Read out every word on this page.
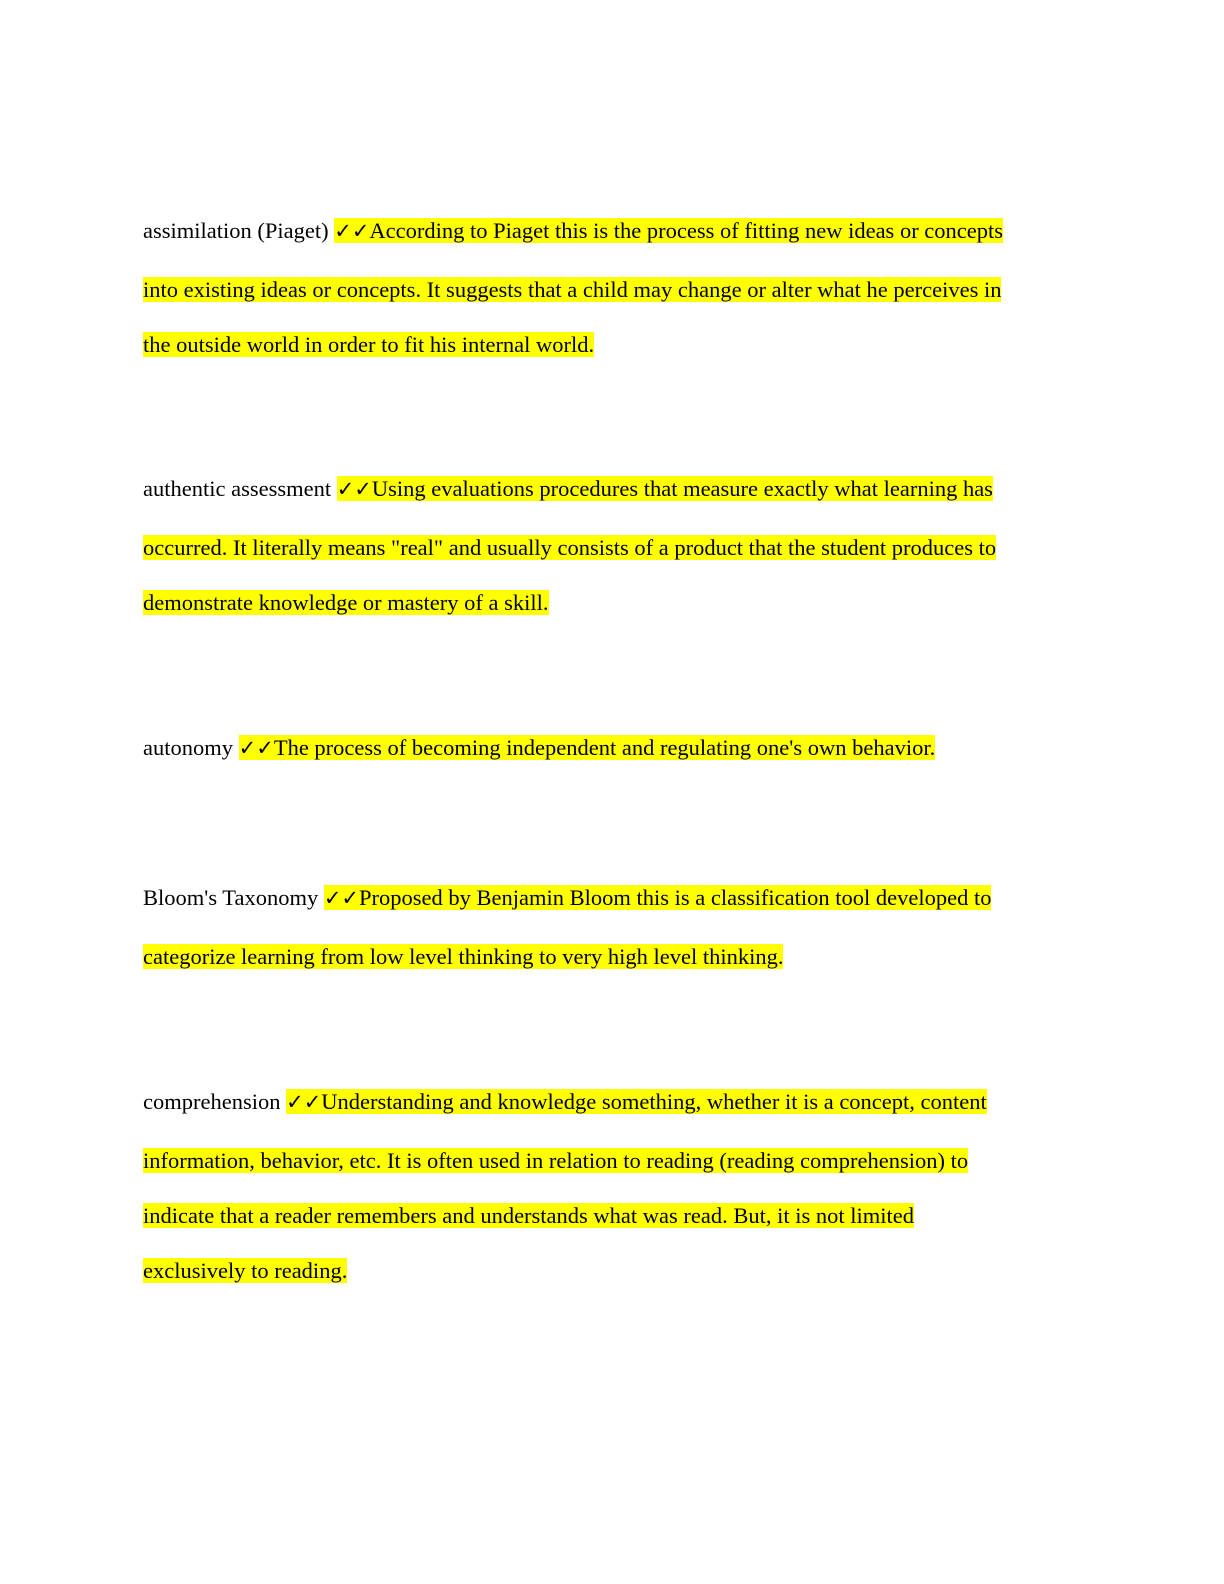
assimilation (Piaget) ✓✓According to Piaget this is the process of fitting new ideas or concepts
into existing ideas or concepts. It suggests that a child may change or alter what he perceives in
the outside world in order to fit his internal world.
authentic assessment ✓✓Using evaluations procedures that measure exactly what learning has
occurred. It literally means "real" and usually consists of a product that the student produces to
demonstrate knowledge or mastery of a skill.
autonomy ✓✓The process of becoming independent and regulating one's own behavior.
Bloom's Taxonomy ✓✓Proposed by Benjamin Bloom this is a classification tool developed to
categorize learning from low level thinking to very high level thinking.
comprehension ✓✓Understanding and knowledge something, whether it is a concept, content
information, behavior, etc. It is often used in relation to reading (reading comprehension) to
indicate that a reader remembers and understands what was read. But, it is not limited
exclusively to reading.
